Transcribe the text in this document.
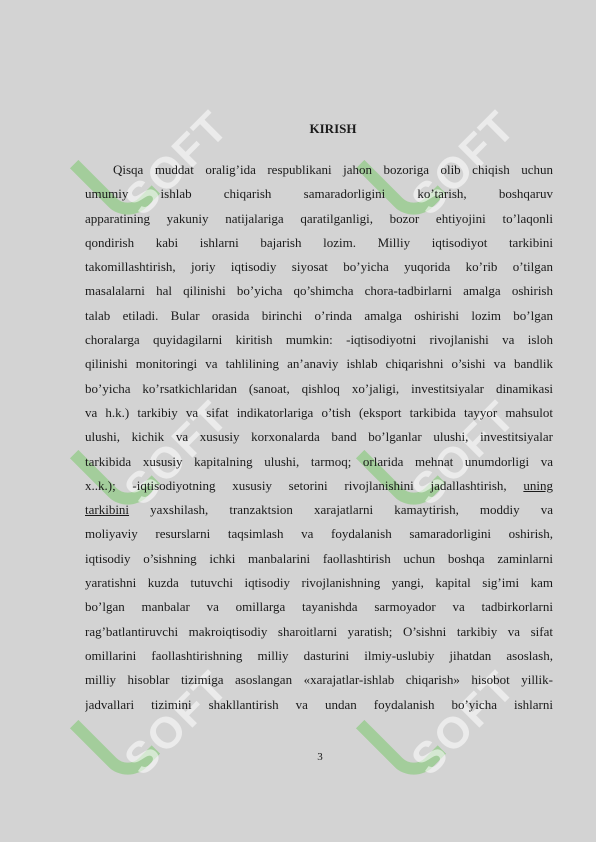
SOFT	SOFT
SOFT	SOFT
SOFT	SOFT
KIRISH
Qisqa muddat oralig’ida respublikani jahon bozoriga olib chiqish uchun
umumiy ishlab chiqarish samaradorligini ko’tarish, boshqaruv
apparatining yakuniy natijalariga qaratilganligi, bozor ehtiyojini to’laqonli
qondirish kabi ishlarni bajarish lozim. Milliy iqtisodiyot tarkibini
takomillashtirish, joriy iqtisodiy siyosat bo’yicha yuqorida ko’rib o’tilgan
masalalarni hal qilinishi bo’yicha qo’shimcha chora-tadbirlarni amalga oshirish
talab etiladi. Bular orasida birinchi o’rinda amalga oshirishi lozim bo’lgan
choralarga quyidagilarni kiritish mumkin: -iqtisodiyotni rivojlanishi va isloh
qilinishi monitoringi va tahlilining an’anaviy ishlab chiqarishni o’sishi va bandlik
bo’yicha ko’rsatkichlaridan (sanoat, qishloq xo’jaligi, investitsiyalar dinamikasi
va h.k.) tarkibiy va sifat indikatorlariga o’tish (eksport tarkibida tayyor mahsulot
ulushi, kichik va xususiy korxonalarda band bo’lganlar ulushi, investitsiyalar
tarkibida xususiy kapitalning ulushi, tarmoq; orlarida mehnat unumdorligi va
x..k.); -iqtisodiyotning xususiy setorini rivojlanishini jadallashtirish, uning
tarkibini yaxshilash, tranzaktsion xarajatlarni kamaytirish, moddiy va
moliyaviy resurslarni taqsimlash va foydalanish samaradorligini oshirish,
iqtisodiy o’sishning ichki manbalarini faollashtirish uchun boshqa zaminlarni
yaratishni kuzda tutuvchi iqtisodiy rivojlanishning yangi, kapital sig’imi kam
bo’lgan manbalar va omillarga tayanishda sarmoyador va tadbirkorlarni
rag’batlantiruvchi makroiqtisodiy sharoitlarni yaratish; O’sishni tarkibiy va sifat
omillarini faollashtirishning milliy dasturini ilmiy-uslubiy jihatdan asoslash,
milliy hisoblar tizimiga asoslangan «xarajatlar-ishlab chiqarish» hisobot yillik-
jadvallari tizimini shakllantirish va undan foydalanish bo’yicha ishlarni
3
